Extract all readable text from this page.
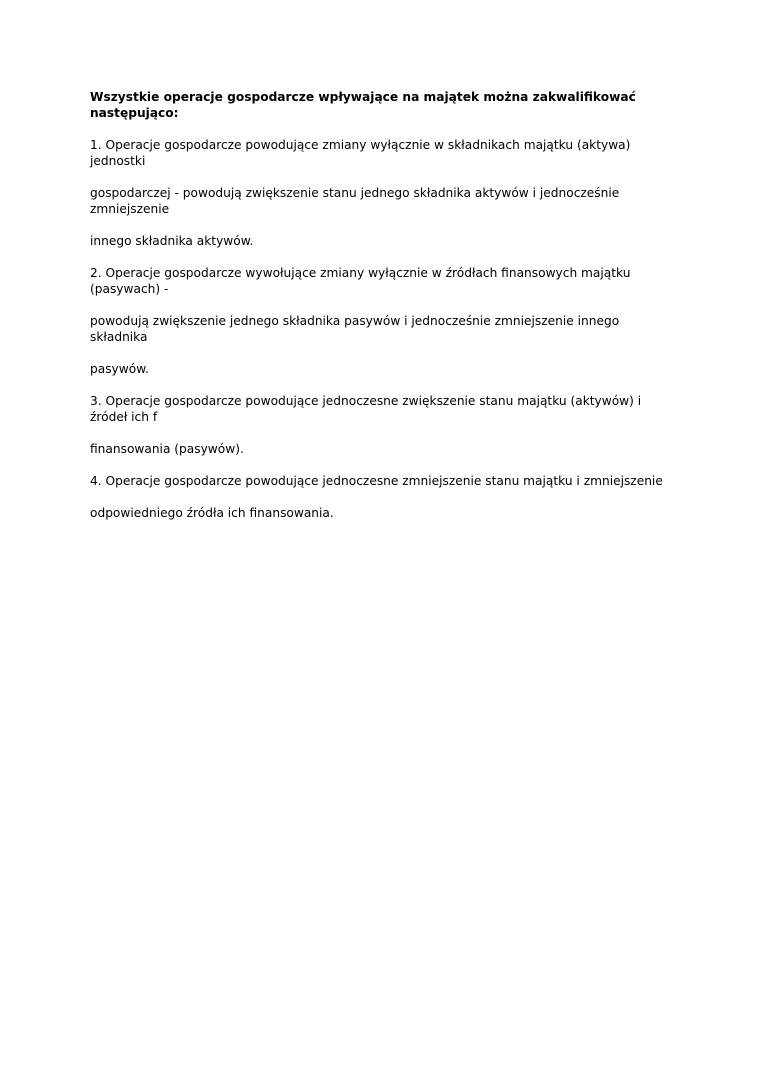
Wszystkie operacje gospodarcze wpływające na majątek można zakwalifikować następująco:

1. Operacje gospodarcze powodujące zmiany wyłącznie w składnikach majątku (aktywa) jednostki

gospodarczej - powodują zwiększenie stanu jednego składnika aktywów i jednocześnie zmniejszenie

innego składnika aktywów.

2. Operacje gospodarcze wywołujące zmiany wyłącznie w źródłach finansowych majątku (pasywach) -

powodują zwiększenie jednego składnika pasywów i jednocześnie zmniejszenie innego składnika

pasywów.

3. Operacje gospodarcze powodujące jednoczesne zwiększenie stanu majątku (aktywów) i źródeł ich f

finansowania (pasywów).

4. Operacje gospodarcze powodujące jednoczesne zmniejszenie stanu majątku i zmniejszenie

odpowiedniego źródła ich finansowania.
